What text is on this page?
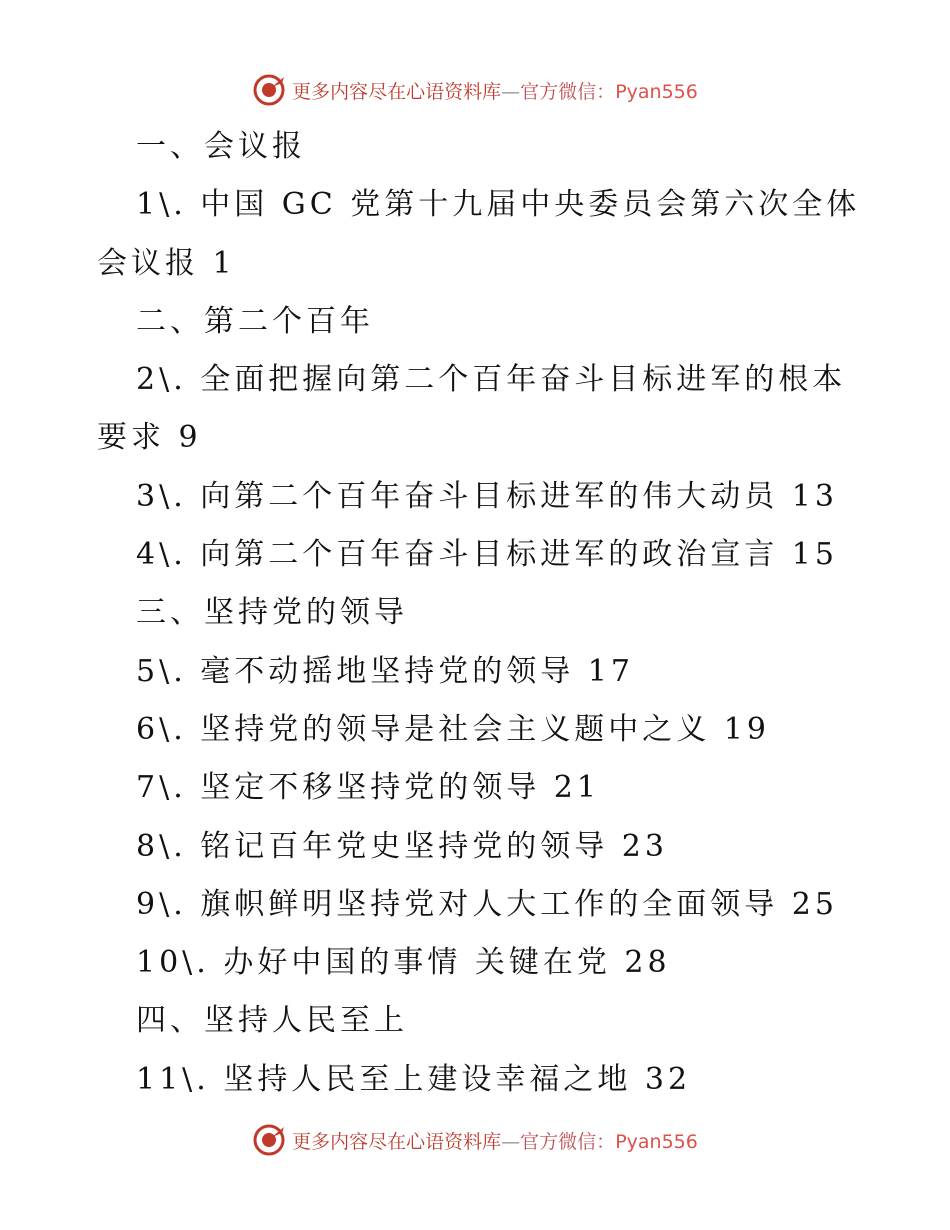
更多内容尽在心语资料库—官方微信：Pyan556
一、会议报
1\. 中国 GC 党第十九届中央委员会第六次全体
会议报 1
二、第二个百年
2\. 全面把握向第二个百年奋斗目标进军的根本
要求 9
3\. 向第二个百年奋斗目标进军的伟大动员 13
4\. 向第二个百年奋斗目标进军的政治宣言 15
三、坚持党的领导
5\. 毫不动摇地坚持党的领导 17
6\. 坚持党的领导是社会主义题中之义 19
7\. 坚定不移坚持党的领导 21
8\. 铭记百年党史坚持党的领导 23
9\. 旗帜鲜明坚持党对人大工作的全面领导 25
10\. 办好中国的事情 关键在党 28
四、坚持人民至上
11\. 坚持人民至上建设幸福之地 32
更多内容尽在心语资料库—官方微信：Pyan556
